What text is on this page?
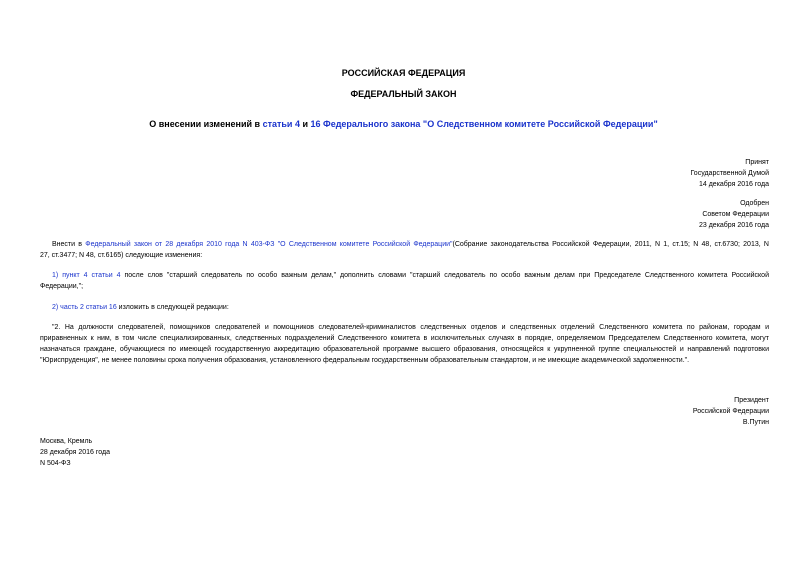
РОССИЙСКАЯ ФЕДЕРАЦИЯ
ФЕДЕРАЛЬНЫЙ ЗАКОН
О внесении изменений в статьи 4 и 16 Федерального закона "О Следственном комитете Российской Федерации"
Принят
Государственной Думой
14 декабря 2016 года
Одобрен
Советом Федерации
23 декабря 2016 года
Внести в Федеральный закон от 28 декабря 2010 года N 403-ФЗ "О Следственном комитете Российской Федерации"(Собрание законодательства Российской Федерации, 2011, N 1, ст.15; N 48, ст.6730; 2013, N
27, ст.3477; N 48, ст.6165) следующие изменения:
1) пункт 4 статьи 4 после слов "старший следователь по особо важным делам," дополнить словами "старший следователь по особо важным делам при Председателе Следственного комитета Российской
Федерации,";
2) часть 2 статьи 16 изложить в следующей редакции:
"2. На должности следователей, помощников следователей и помощников следователей-криминалистов следственных отделов и следственных отделений Следственного комитета по районам, городам и
приравненных к ним, в том числе специализированных, следственных подразделений Следственного комитета в исключительных случаях в порядке, определяемом Председателем Следственного комитета, могут
назначаться граждане, обучающиеся по имеющей государственную аккредитацию образовательной программе высшего образования, относящейся к укрупненной группе специальностей и направлений подготовки
"Юриспруденция", не менее половины срока получения образования, установленного федеральным государственным образовательным стандартом, и не имеющие академической задолженности.".
Президент
Российской Федерации
В.Путин
Москва, Кремль
28 декабря 2016 года
N 504-ФЗ
